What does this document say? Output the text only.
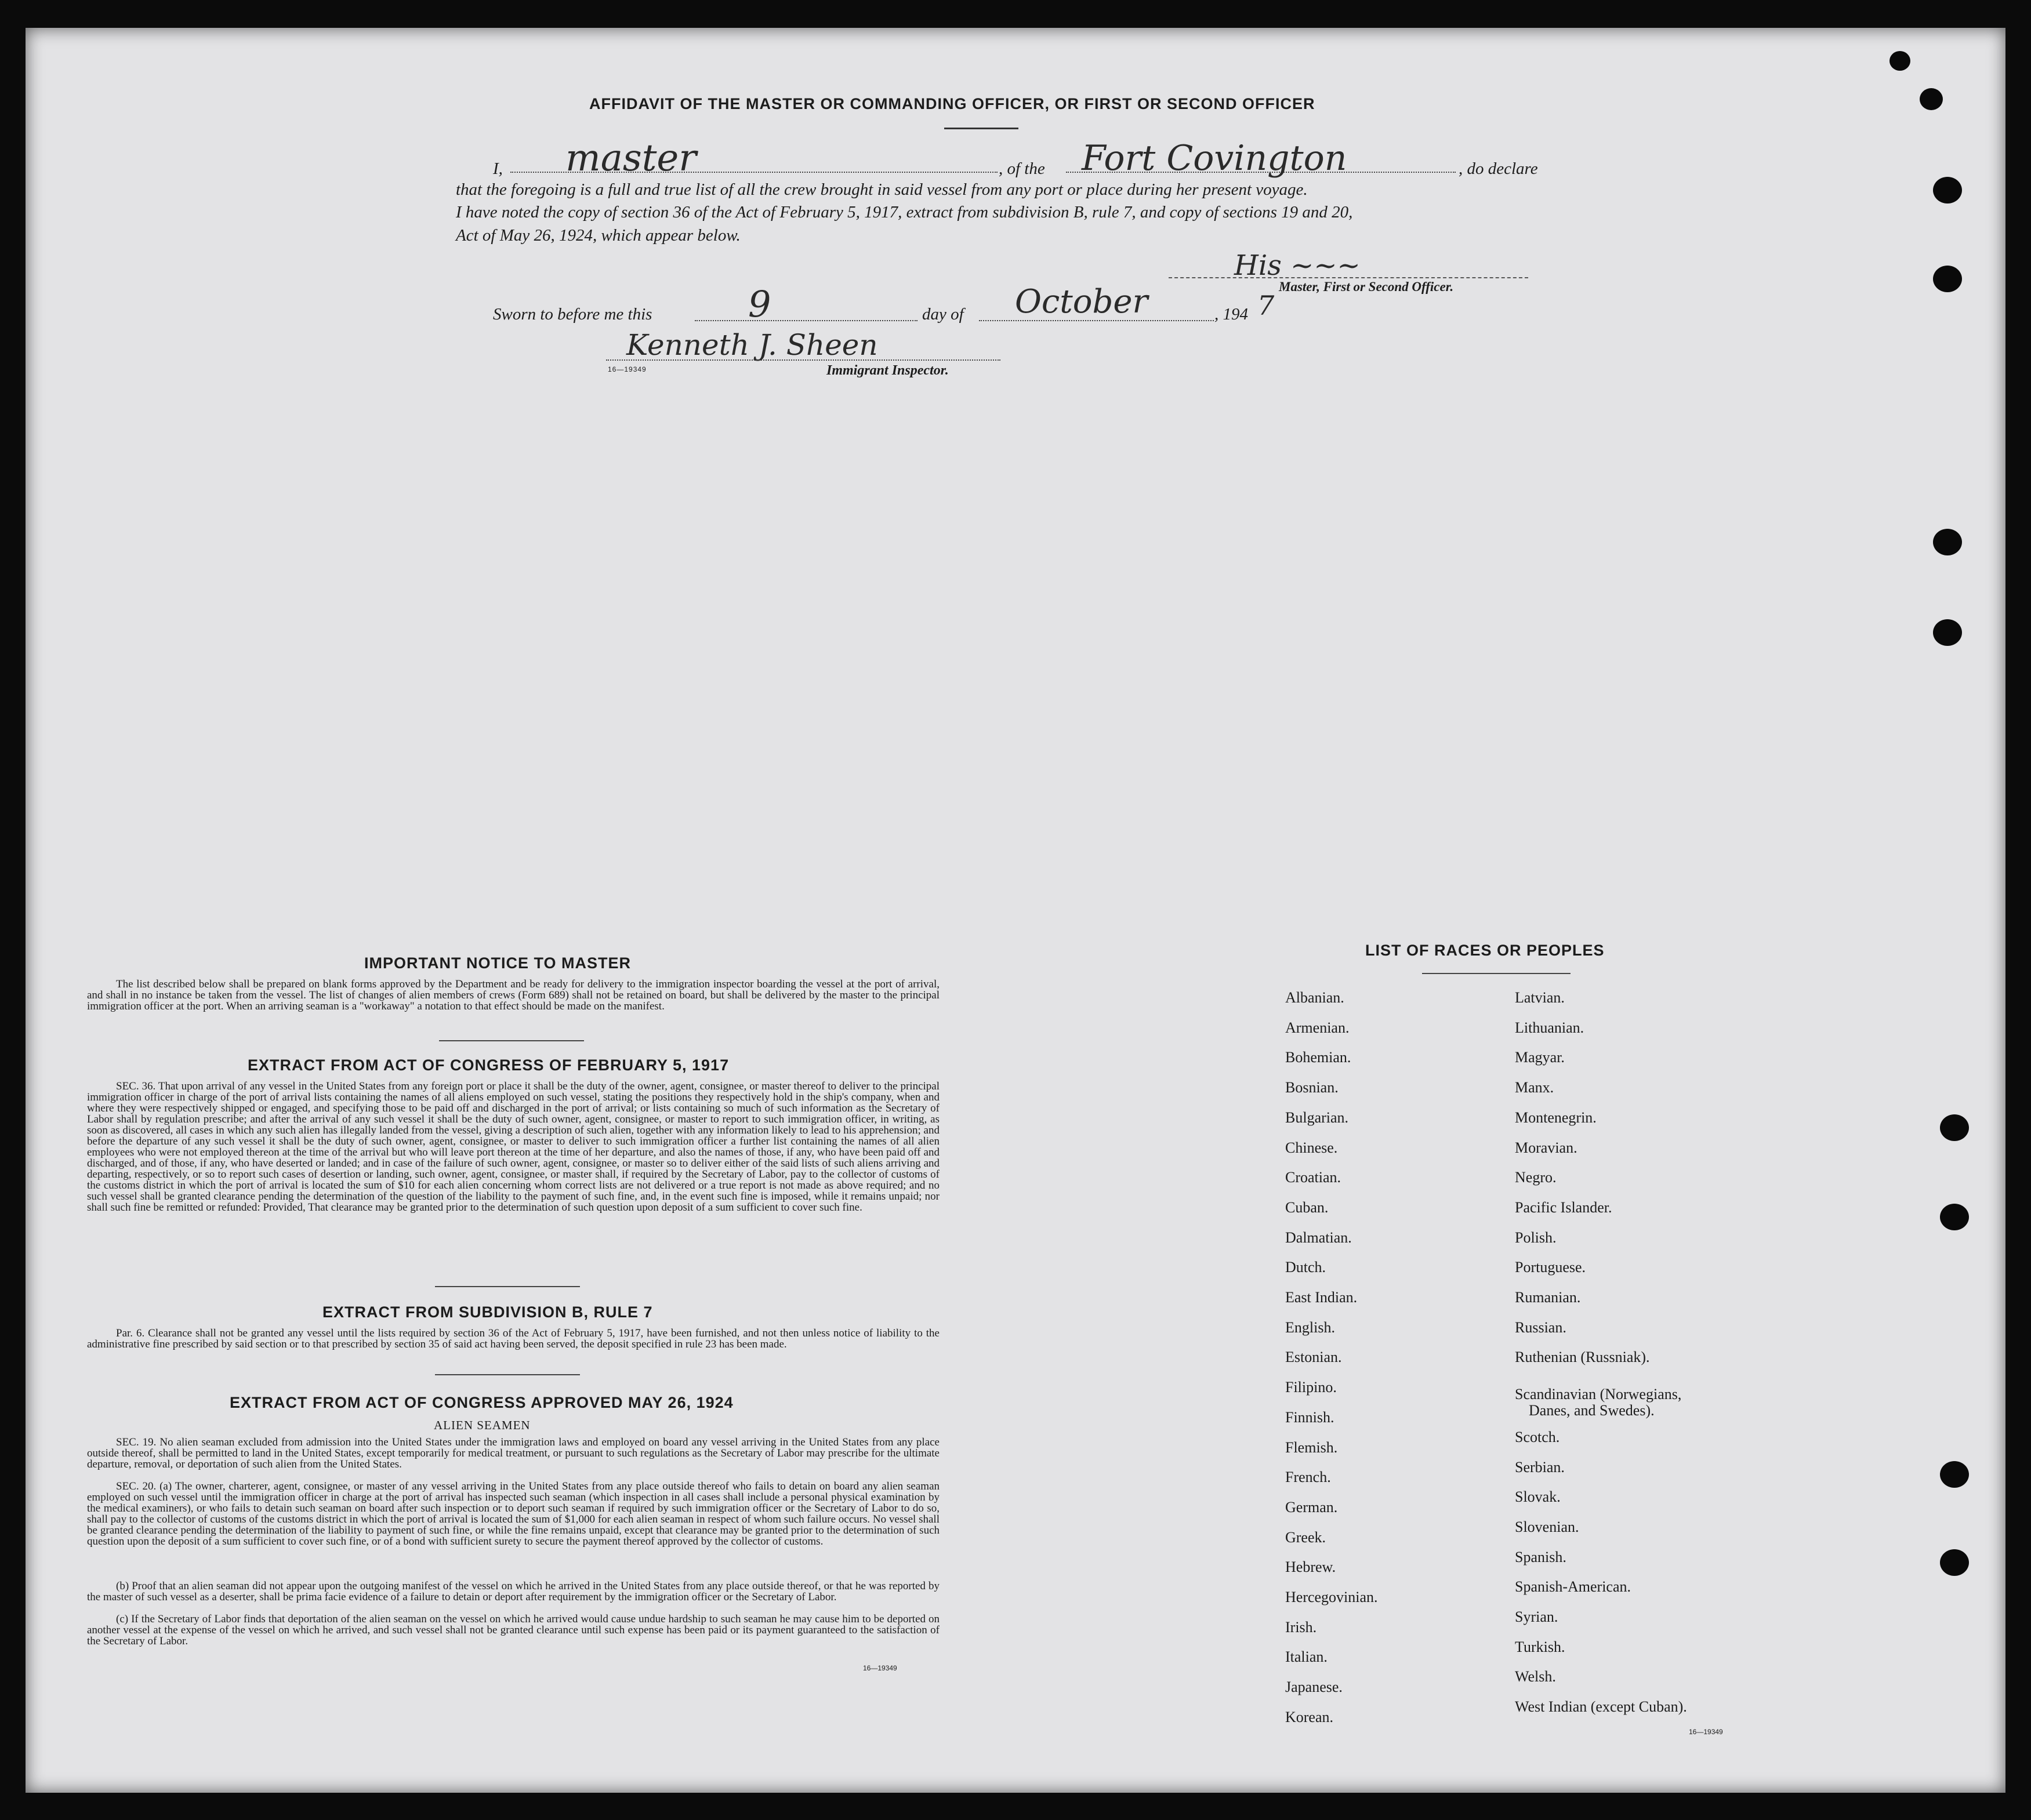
AFFIDAVIT OF THE MASTER OR COMMANDING OFFICER, OR FIRST OR SECOND OFFICER
I, master	, of the Fort Covington	, do declare
that the foregoing is a full and true list of all the crew brought in said vessel from any port or place during her present voyage.
I have noted the copy of section 36 of the Act of February 5, 1917, extract from subdivision B, rule 7, and copy of sections 19 and 20,
Act of May 26, 1924, which appear below.
His ~~~
Master, First or Second Officer.
Sworn to before me this	9	day of October	, 194 7
Kenneth J. Sheen
16—19349	Immigrant Inspector.
IMPORTANT NOTICE TO MASTER
The list described below shall be prepared on blank forms approved by the Department and be ready for delivery to the immigration inspector boarding the vessel at the port of arrival, and shall in no instance be taken from the vessel. The list of changes of alien members of crews (Form 689) shall not be retained on board, but shall be delivered by the master to the principal immigration officer at the port. When an arriving seaman is a "workaway" a notation to that effect should be made on the manifest.
EXTRACT FROM ACT OF CONGRESS OF FEBRUARY 5, 1917
SEC. 36. That upon arrival of any vessel in the United States from any foreign port or place it shall be the duty of the owner, agent, consignee, or master thereof to deliver to the principal immigration officer in charge of the port of arrival lists containing the names of all aliens employed on such vessel, stating the positions they respectively hold in the ship's company, when and where they were respectively shipped or engaged, and specifying those to be paid off and discharged in the port of arrival; or lists containing so much of such information as the Secretary of Labor shall by regulation prescribe; and after the arrival of any such vessel it shall be the duty of such owner, agent, consignee, or master to report to such immigration officer, in writing, as soon as discovered, all cases in which any such alien has illegally landed from the vessel, giving a description of such alien, together with any information likely to lead to his apprehension; and before the departure of any such vessel it shall be the duty of such owner, agent, consignee, or master to deliver to such immigration officer a further list containing the names of all alien employees who were not employed thereon at the time of the arrival but who will leave port thereon at the time of her departure, and also the names of those, if any, who have been paid off and discharged, and of those, if any, who have deserted or landed; and in case of the failure of such owner, agent, consignee, or master so to deliver either of the said lists of such aliens arriving and departing, respectively, or so to report such cases of desertion or landing, such owner, agent, consignee, or master shall, if required by the Secretary of Labor, pay to the collector of customs of the customs district in which the port of arrival is located the sum of $10 for each alien concerning whom correct lists are not delivered or a true report is not made as above required; and no such vessel shall be granted clearance pending the determination of the question of the liability to the payment of such fine, and, in the event such fine is imposed, while it remains unpaid; nor shall such fine be remitted or refunded: Provided, That clearance may be granted prior to the determination of such question upon deposit of a sum sufficient to cover such fine.
EXTRACT FROM SUBDIVISION B, RULE 7
Par. 6. Clearance shall not be granted any vessel until the lists required by section 36 of the Act of February 5, 1917, have been furnished, and not then unless notice of liability to the administrative fine prescribed by said section or to that prescribed by section 35 of said act having been served, the deposit specified in rule 23 has been made.
EXTRACT FROM ACT OF CONGRESS APPROVED MAY 26, 1924
ALIEN SEAMEN
SEC. 19. No alien seaman excluded from admission into the United States under the immigration laws and employed on board any vessel arriving in the United States from any place outside thereof, shall be permitted to land in the United States, except temporarily for medical treatment, or pursuant to such regulations as the Secretary of Labor may prescribe for the ultimate departure, removal, or deportation of such alien from the United States.
SEC. 20. (a) The owner, charterer, agent, consignee, or master of any vessel arriving in the United States from any place outside thereof who fails to detain on board any alien seaman employed on such vessel until the immigration officer in charge at the port of arrival has inspected such seaman (which inspection in all cases shall include a personal physical examination by the medical examiners), or who fails to detain such seaman on board after such inspection or to deport such seaman if required by such immigration officer or the Secretary of Labor to do so, shall pay to the collector of customs of the customs district in which the port of arrival is located the sum of $1,000 for each alien seaman in respect of whom such failure occurs. No vessel shall be granted clearance pending the determination of the liability to payment of such fine, or while the fine remains unpaid, except that clearance may be granted prior to the determination of such question upon the deposit of a sum sufficient to cover such fine, or of a bond with sufficient surety to secure the payment thereof approved by the collector of customs.
(b) Proof that an alien seaman did not appear upon the outgoing manifest of the vessel on which he arrived in the United States from any place outside thereof, or that he was reported by the master of such vessel as a deserter, shall be prima facie evidence of a failure to detain or deport after requirement by the immigration officer or the Secretary of Labor.
(c) If the Secretary of Labor finds that deportation of the alien seaman on the vessel on which he arrived would cause undue hardship to such seaman he may cause him to be deported on another vessel at the expense of the vessel on which he arrived, and such vessel shall not be granted clearance until such expense has been paid or its payment guaranteed to the satisfaction of the Secretary of Labor.
16—19349
LIST OF RACES OR PEOPLES
Albanian.
Armenian.
Bohemian.
Bosnian.
Bulgarian.
Chinese.
Croatian.
Cuban.
Dalmatian.
Dutch.
East Indian.
English.
Estonian.
Filipino.
Finnish.
Flemish.
French.
German.
Greek.
Hebrew.
Hercegovinian.
Irish.
Italian.
Japanese.
Korean.
Latvian.
Lithuanian.
Magyar.
Manx.
Montenegrin.
Moravian.
Negro.
Pacific Islander.
Polish.
Portuguese.
Rumanian.
Russian.
Ruthenian (Russniak).
Scandinavian (Norwegians,
Danes, and Swedes).
Scotch.
Serbian.
Slovak.
Slovenian.
Spanish.
Spanish-American.
Syrian.
Turkish.
Welsh.
West Indian (except Cuban).
16—19349
